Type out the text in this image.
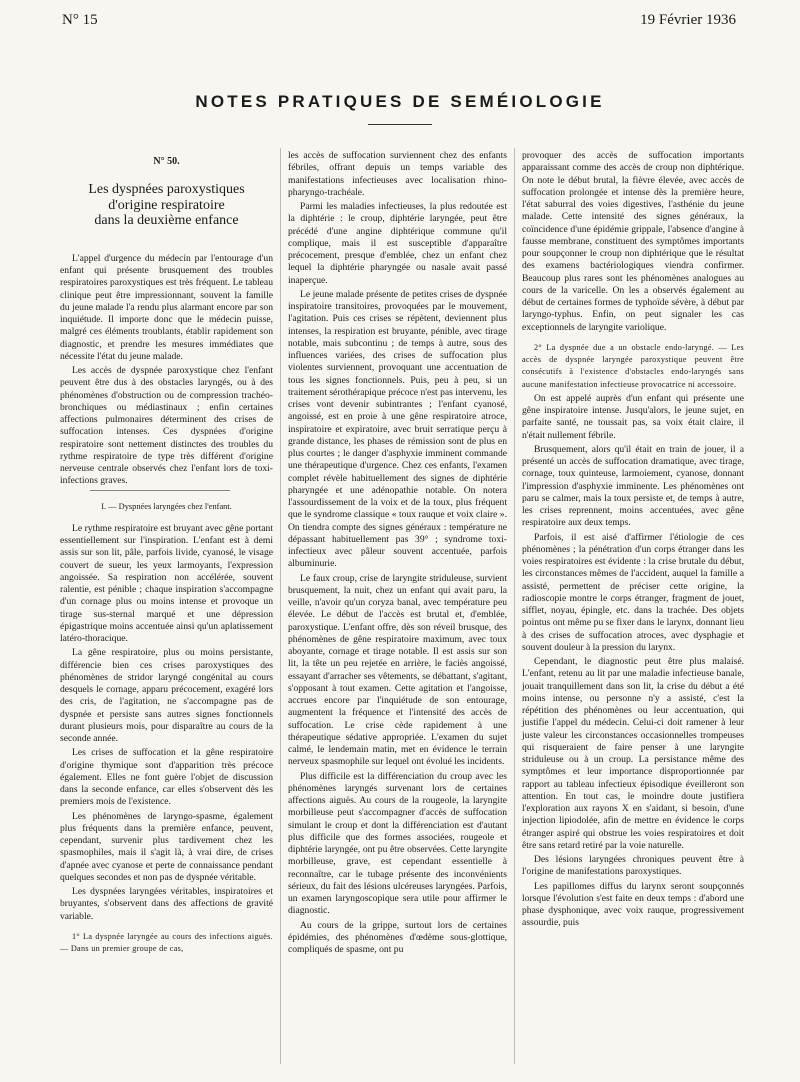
N° 15	19 Février 1936
NOTES PRATIQUES DE SEMÉIOLOGIE
N° 50.
Les dyspnées paroxystiques
d'origine respiratoire
dans la deuxième enfance

L'appel d'urgence du médecin par l'entourage d'un enfant qui présente brusquement des troubles respiratoires paroxystiques est très fréquent. Le tableau clinique peut être impressionnant, souvent la famille du jeune malade l'a rendu plus alarmant encore par son inquiétude. Il importe donc que le médecin puisse, malgré ces éléments troublants, établir rapidement son diagnostic, et prendre les mesures immédiates que nécessite l'état du jeune malade.

Les accès de dyspnée paroxystique chez l'enfant peuvent être dus à des obstacles laryngés, ou à des phénomènes d'obstruction ou de compression trachéo-bronchiques ou médiastinaux ; enfin certaines affections pulmonaires déterminent des crises de suffocation intenses. Ces dyspnées d'origine respiratoire sont nettement distinctes des troubles du rythme respiratoire de type très différent d'origine nerveuse centrale observés chez l'enfant lors de toxi-infections graves.

I. — Dyspnées laryngées chez l'enfant.

Le rythme respiratoire est bruyant avec gêne portant essentiellement sur l'inspiration. L'enfant est à demi assis sur son lit, pâle, parfois livide, cyanosé, le visage couvert de sueur, les yeux larmoyants, l'expression angoissée. Sa respiration non accélérée, souvent ralentie, est pénible ; chaque inspiration s'accompagne d'un cornage plus ou moins intense et provoque un tirage sus-sternal marqué et une dépression épigastrique moins accentuée ainsi qu'un aplatissement latéro-thoracique.

La gêne respiratoire, plus ou moins persistante, différencie bien ces crises paroxystiques des phénomènes de stridor laryngé congénital au cours desquels le cornage, apparu précocement, exagéré lors des cris, de l'agitation, ne s'accompagne pas de dyspnée et persiste sans autres signes fonctionnels durant plusieurs mois, pour disparaître au cours de la seconde année.

Les crises de suffocation et la gêne respiratoire d'origine thymique sont d'apparition très précoce également. Elles ne font guère l'objet de discussion dans la seconde enfance, car elles s'observent dès les premiers mois de l'existence.

Les phénomènes de laryngo-spasme, également plus fréquents dans la première enfance, peuvent, cependant, survenir plus tardivement chez les spasmophiles, mais il s'agit là, à vrai dire, de crises d'apnée avec cyanose et perte de connaissance pendant quelques secondes et non pas de dyspnée véritable.

Les dyspnées laryngées véritables, inspiratoires et bruyantes, s'observent dans des affections de gravité variable.

1° La dyspnée laryngée au cours des infections aiguës. — Dans un premier groupe de cas,

les accès de suffocation surviennent chez des enfants fébriles, offrant depuis un temps variable des manifestations infectieuses avec localisation rhino-pharyngo-trachéale.

Parmi les maladies infectieuses, la plus redoutée est la diphtérie : le croup, diphtérie laryngée, peut être précédé d'une angine diphtérique commune qu'il complique, mais il est susceptible d'apparaître précocement, presque d'emblée, chez un enfant chez lequel la diphtérie pharyngée ou nasale avait passé inaperçue.

Le jeune malade présente de petites crises de dyspnée inspiratoire transitoires, provoquées par le mouvement, l'agitation. Puis ces crises se répètent, deviennent plus intenses, la respiration est bruyante, pénible, avec tirage notable, mais subcontinu ; de temps à autre, sous des influences variées, des crises de suffocation plus violentes surviennent, provoquant une accentuation de tous les signes fonctionnels. Puis, peu à peu, si un traitement sérothérapique précoce n'est pas intervenu, les crises vont devenir subintrantes ; l'enfant cyanosé, angoissé, est en proie à une gêne respiratoire atroce, inspiratoire et expiratoire, avec bruit serratique perçu à grande distance, les phases de rémission sont de plus en plus courtes ; le danger d'asphyxie imminent commande une thérapeutique d'urgence. Chez ces enfants, l'examen complet révèle habituellement des signes de diphtérie pharyngée et une adénopathie notable. On notera l'assourdissement de la voix et de la toux, plus fréquent que le syndrome classique « toux rauque et voix claire ». On tiendra compte des signes généraux : température ne dépassant habituellement pas 39° ; syndrome toxi-infectieux avec pâleur souvent accentuée, parfois albuminurie.

Le faux croup, crise de laryngite striduleuse, survient brusquement, la nuit, chez un enfant qui avait paru, la veille, n'avoir qu'un coryza banal, avec température peu élevée. Le début de l'accès est brutal et, d'emblée, paroxystique. L'enfant offre, dès son réveil brusque, des phénomènes de gêne respiratoire maximum, avec toux aboyante, cornage et tirage notable. Il est assis sur son lit, la tête un peu rejetée en arrière, le faciès angoissé, essayant d'arracher ses vêtements, se débattant, s'agitant, s'opposant à tout examen. Cette agitation et l'angoisse, accrues encore par l'inquiétude de son entourage, augmentent la fréquence et l'intensité des accès de suffocation. Le crise cède rapidement à une thérapeutique sédative appropriée. L'examen du sujet calmé, le lendemain matin, met en évidence le terrain nerveux spasmophile sur lequel ont évolué les incidents.

Plus difficile est la différenciation du croup avec les phénomènes laryngés survenant lors de certaines affections aiguës. Au cours de la rougeole, la laryngite morbilleuse peut s'accompagner d'accès de suffocation simulant le croup et dont la différenciation est d'autant plus difficile que des formes associées, rougeole et diphtérie laryngée, ont pu être observées. Cette laryngite morbilleuse, grave, est cependant essentielle à reconnaître, car le tubage présente des inconvénients sérieux, du fait des lésions ulcéreuses laryngées. Parfois, un examen laryngoscopique sera utile pour affirmer le diagnostic.

Au cours de la grippe, surtout lors de certaines épidémies, des phénomènes d'œdème sous-glottique, compliqués de spasme, ont pu

provoquer des accès de suffocation importants apparaissant comme des accès de croup non diphtérique. On note le début brutal, la fièvre élevée, avec accès de suffocation prolongée et intense dès la première heure, l'état saburral des voies digestives, l'asthénie du jeune malade. Cette intensité des signes généraux, la coïncidence d'une épidémie grippale, l'absence d'angine à fausse membrane, constituent des symptômes importants pour soupçonner le croup non diphtérique que le résultat des examens bactériologiques viendra confirmer. Beaucoup plus rares sont les phénomènes analogues au cours de la varicelle. On les a observés également au début de certaines formes de typhoïde sévère, à début par laryngo-typhus. Enfin, on peut signaler les cas exceptionnels de laryngite variolique.

2° La dyspnée due a un obstacle endo-laryngé. — Les accès de dyspnée laryngée paroxystique peuvent être consécutifs à l'existence d'obstacles endo-laryngés sans aucune manifestation infectieuse provocatrice ni accessoire.

On est appelé auprès d'un enfant qui présente une gêne inspiratoire intense. Jusqu'alors, le jeune sujet, en parfaite santé, ne toussait pas, sa voix était claire, il n'était nullement fébrile.

Brusquement, alors qu'il était en train de jouer, il a présenté un accès de suffocation dramatique, avec tirage, cornage, toux quinteuse, larmoiement, cyanose, donnant l'impression d'asphyxie imminente. Les phénomènes ont paru se calmer, mais la toux persiste et, de temps à autre, les crises reprennent, moins accentuées, avec gêne respiratoire aux deux temps.

Parfois, il est aisé d'affirmer l'étiologie de ces phénomènes ; la pénétration d'un corps étranger dans les voies respiratoires est évidente : la crise brutale du début, les circonstances mêmes de l'accident, auquel la famille a assisté, permettent de préciser cette origine, la radioscopie montre le corps étranger, fragment de jouet, sifflet, noyau, épingle, etc. dans la trachée. Des objets pointus ont même pu se fixer dans le larynx, donnant lieu à des crises de suffocation atroces, avec dysphagie et souvent douleur à la pression du larynx.

Cependant, le diagnostic peut être plus malaisé. L'enfant, retenu au lit par une maladie infectieuse banale, jouait tranquillement dans son lit, la crise du début a été moins intense, ou personne n'y a assisté, c'est la répétition des phénomènes ou leur accentuation, qui justifie l'appel du médecin. Celui-ci doit ramener à leur juste valeur les circonstances occasionnelles trompeuses qui risqueraient de faire penser à une laryngite striduleuse ou à un croup. La persistance même des symptômes et leur importance disproportionnée par rapport au tableau infectieux épisodique éveilleront son attention. En tout cas, le moindre doute justifiera l'exploration aux rayons X en s'aidant, si besoin, d'une injection lipiodolée, afin de mettre en évidence le corps étranger aspiré qui obstrue les voies respiratoires et doit être sans retard retiré par la voie naturelle.

Des lésions laryngées chroniques peuvent être à l'origine de manifestations paroxystiques.

Les papillomes diffus du larynx seront soupçonnés lorsque l'évolution s'est faite en deux temps : d'abord une phase dysphonique, avec voix rauque, progressivement assourdie, puis
